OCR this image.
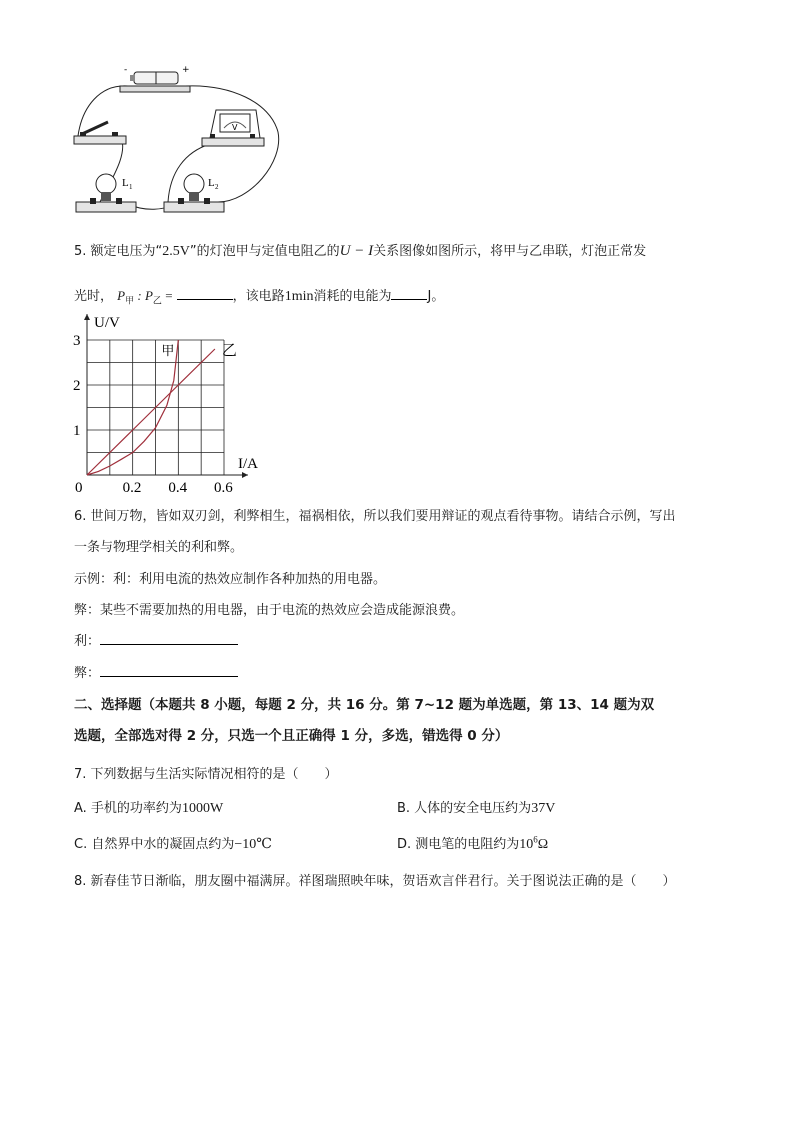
-	+
V
L 1	L 2
5. 额定电压为“2.5V”的灯泡甲与定值电阻乙的U − I关系图像如图所示，将甲与乙串联，灯泡正常发
光时， $P_甲$ : $P_乙$ =	，该电路1min消耗的电能为	J。
U/V
I/A
0	0.2 0.4 0.6
1
2
3
甲	乙
6. 世间万物，皆如双刃剑，利弊相生，福祸相依，所以我们要用辩证的观点看待事物。请结合示例，写出
一条与物理学相关的利和弊。
示例：利：利用电流的热效应制作各种加热的用电器。
弊：某些不需要加热的用电器，由于电流的热效应会造成能源浪费。
利：
弊：
二、选择题（本题共 8 小题，每题 2 分，共 16 分。第 7~12 题为单选题，第 13、14 题为双
选题，全部选对得 2 分，只选一个且正确得 1 分，多选，错选得 0 分）
7. 下列数据与生活实际情况相符的是（　　）
A. 手机的功率约为1000W	B. 人体的安全电压约为37V
C. 自然界中水的凝固点约为−10℃	D. 测电笔的电阻约为$10^6\Omega$
8. 新春佳节日渐临，朋友圈中福满屏。祥图瑞照映年味，贺语欢言伴君行。关于图说法正确的是（　　）
